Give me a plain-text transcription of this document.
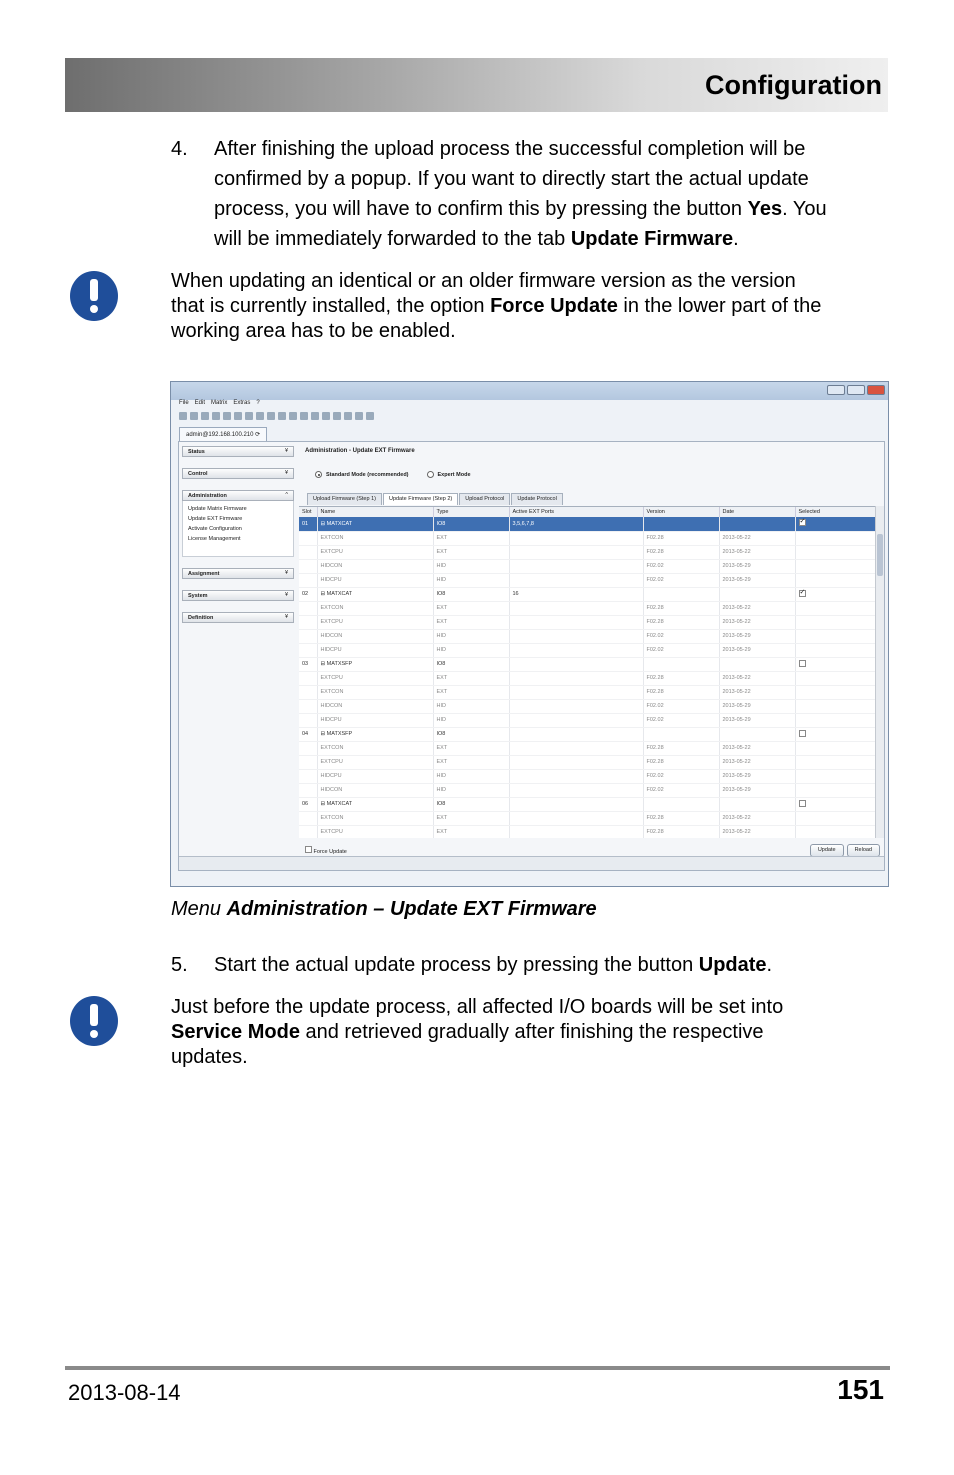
Configuration
4. After finishing the upload process the successful completion will be
confirmed by a popup. If you want to directly start the actual update
process, you will have to confirm this by pressing the button Yes. You
will be immediately forwarded to the tab Update Firmware.
When updating an identical or an older firmware version as the version
that is currently installed, the option Force Update in the lower part of the
working area has to be enabled.
File Edit Matrix Extras ?
admin@192.168.100.210 ⟳
Status	¥
Control	¥
Administration	^
Update Matrix Firmware
Update EXT Firmware
Activate Configuration
License Management
Assignment	¥
System	¥
Definition	¥
Administration - Update EXT Firmware
Standard Mode (recommended)	Expert Mode
Upload Firmware (Step 1)	Update Firmware (Step 2)	Upload Protocol	Update Protocol
Slot	Name	Type	Active EXT Ports	Version	Date	Selected
01	⊟ MATXCAT	IO8	3,5,6,7,8			✓
	EXTCON	EXT		F02.28	2013-05-22	
	EXTCPU	EXT		F02.28	2013-05-22	
	HIDCON	HID		F02.02	2013-05-29	
	HIDCPU	HID		F02.02	2013-05-29	
02	⊟ MATXCAT	IO8	16			✓
	EXTCON	EXT		F02.28	2013-05-22	
	EXTCPU	EXT		F02.28	2013-05-22	
	HIDCON	HID		F02.02	2013-05-29	
	HIDCPU	HID		F02.02	2013-05-29	
03	⊟ MATXSFP	IO8				
	EXTCPU	EXT		F02.28	2013-05-22	
	EXTCON	EXT		F02.28	2013-05-22	
	HIDCON	HID		F02.02	2013-05-29	
	HIDCPU	HID		F02.02	2013-05-29	
04	⊟ MATXSFP	IO8				
	EXTCON	EXT		F02.28	2013-05-22	
	EXTCPU	EXT		F02.28	2013-05-22	
	HIDCPU	HID		F02.02	2013-05-29	
	HIDCON	HID		F02.02	2013-05-29	
06	⊟ MATXCAT	IO8				
	EXTCON	EXT		F02.28	2013-05-22	
	EXTCPU	EXT		F02.28	2013-05-22	
Force Update	Update	Reload
Menu Administration – Update EXT Firmware
5. Start the actual update process by pressing the button Update.
Just before the update process, all affected I/O boards will be set into
Service Mode and retrieved gradually after finishing the respective
updates.
2013-08-14	151
